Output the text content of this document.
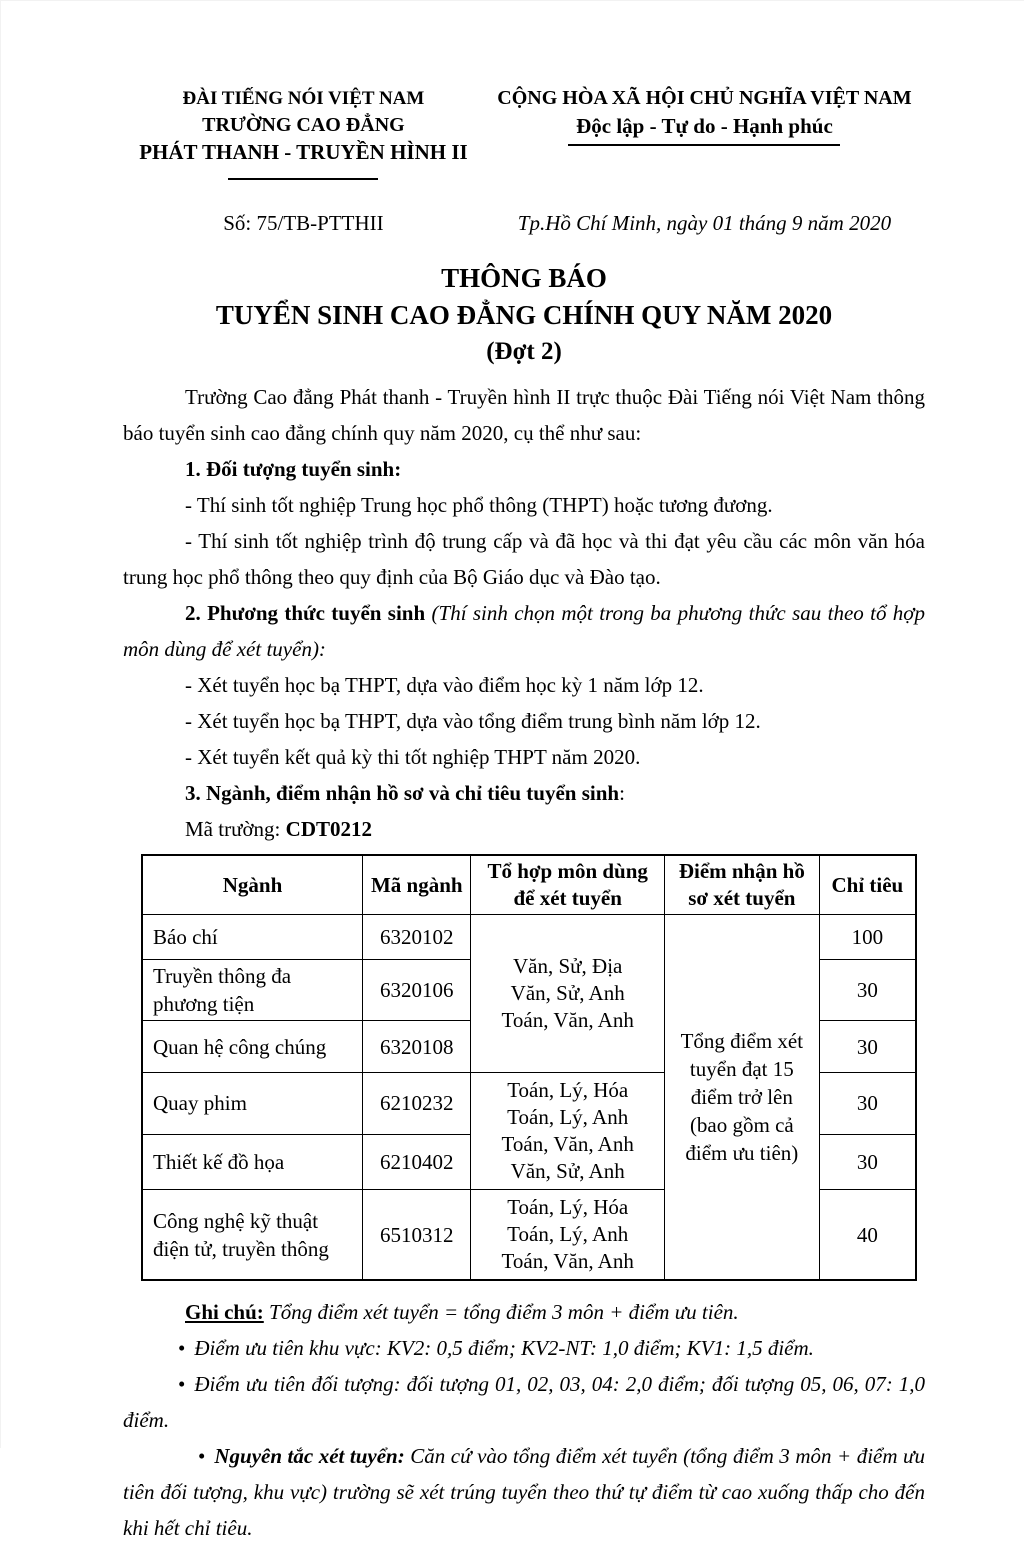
ĐÀI TIẾNG NÓI VIỆT NAM
TRƯỜNG CAO ĐẲNG
PHÁT THANH - TRUYỀN HÌNH II
CỘNG HÒA XÃ HỘI CHỦ NGHĨA VIỆT NAM
Độc lập - Tự do - Hạnh phúc
Số: 75/TB-PTTHII	Tp.Hồ Chí Minh, ngày 01 tháng 9 năm 2020
THÔNG BÁO
TUYỂN SINH CAO ĐẲNG CHÍNH QUY NĂM 2020
(Đợt 2)

Trường Cao đẳng Phát thanh - Truyền hình II trực thuộc Đài Tiếng nói Việt Nam thông báo tuyển sinh cao đẳng chính quy năm 2020, cụ thể như sau:

1. Đối tượng tuyển sinh:

- Thí sinh tốt nghiệp Trung học phổ thông (THPT) hoặc tương đương.

- Thí sinh tốt nghiệp trình độ trung cấp và đã học và thi đạt yêu cầu các môn văn hóa trung học phổ thông theo quy định của Bộ Giáo dục và Đào tạo.

2. Phương thức tuyển sinh (Thí sinh chọn một trong ba phương thức sau theo tổ hợp môn dùng để xét tuyển):

- Xét tuyển học bạ THPT, dựa vào điểm học kỳ 1 năm lớp 12.

- Xét tuyển học bạ THPT, dựa vào tổng điểm trung bình năm lớp 12.

- Xét tuyển kết quả kỳ thi tốt nghiệp THPT năm 2020.

3. Ngành, điểm nhận hồ sơ và chỉ tiêu tuyển sinh:

Mã trường: CDT0212

Ngành	Mã ngành	Tổ hợp môn dùng để xét tuyển	Điểm nhận hồ sơ xét tuyển	Chỉ tiêu
Báo chí	6320102	Văn, Sử, Địa
Văn, Sử, Anh
Toán, Văn, Anh	Tổng điểm xét tuyển đạt 15 điểm trở lên (bao gồm cả điểm ưu tiên)	100
Truyền thông đa phương tiện	6320106			30
Quan hệ công chúng	6320108			30
Quay phim	6210232	Toán, Lý, Hóa
Toán, Lý, Anh
Toán, Văn, Anh
Văn, Sử, Anh		30
Thiết kế đồ họa	6210402			30
Công nghệ kỹ thuật điện tử, truyền thông	6510312	Toán, Lý, Hóa
Toán, Lý, Anh
Toán, Văn, Anh		40

Ghi chú: Tổng điểm xét tuyển = tổng điểm 3 môn + điểm ưu tiên.

• Điểm ưu tiên khu vực: KV2: 0,5 điểm; KV2-NT: 1,0 điểm; KV1: 1,5 điểm.

• Điểm ưu tiên đối tượng: đối tượng 01, 02, 03, 04: 2,0 điểm; đối tượng 05, 06, 07: 1,0 điểm.

• Nguyên tắc xét tuyển: Căn cứ vào tổng điểm xét tuyển (tổng điểm 3 môn + điểm ưu tiên đối tượng, khu vực) trường sẽ xét trúng tuyển theo thứ tự điểm từ cao xuống thấp cho đến khi hết chỉ tiêu.
